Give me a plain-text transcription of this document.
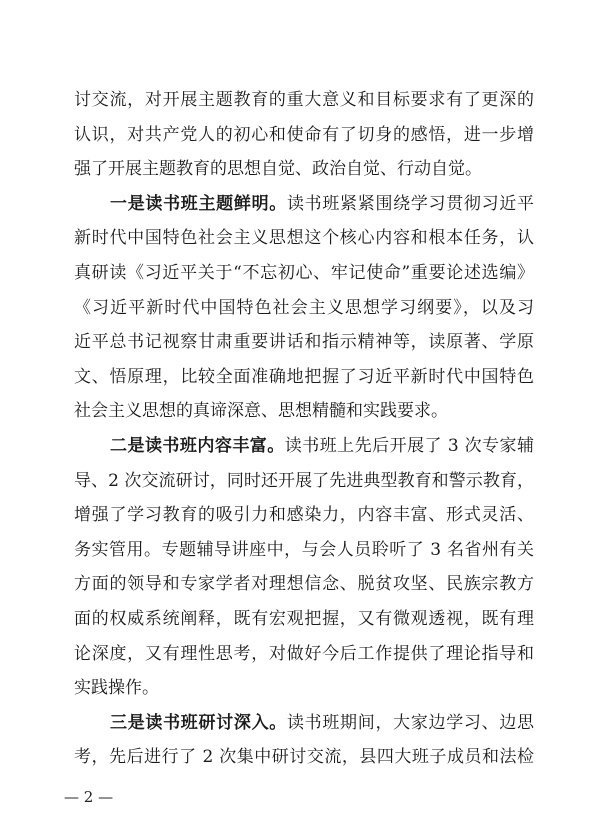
讨交流，对开展主题教育的重大意义和目标要求有了更深的
认识，对共产党人的初心和使命有了切身的感悟，进一步增
强了开展主题教育的思想自觉、政治自觉、行动自觉。
一是读书班主题鲜明。读书班紧紧围绕学习贯彻习近平
新时代中国特色社会主义思想这个核心内容和根本任务，认
真研读《习近平关于“不忘初心、牢记使命”重要论述选编》
《习近平新时代中国特色社会主义思想学习纲要》，以及习
近平总书记视察甘肃重要讲话和指示精神等，读原著、学原
文、悟原理，比较全面准确地把握了习近平新时代中国特色
社会主义思想的真谛深意、思想精髓和实践要求。
二是读书班内容丰富。读书班上先后开展了 3 次专家辅
导、2 次交流研讨，同时还开展了先进典型教育和警示教育，
增强了学习教育的吸引力和感染力，内容丰富、形式灵活、
务实管用。专题辅导讲座中，与会人员聆听了 3 名省州有关
方面的领导和专家学者对理想信念、脱贫攻坚、民族宗教方
面的权威系统阐释，既有宏观把握，又有微观透视，既有理
论深度，又有理性思考，对做好今后工作提供了理论指导和
实践操作。
三是读书班研讨深入。读书班期间，大家边学习、边思
考，先后进行了 2 次集中研讨交流，县四大班子成员和法检
— 2 —
